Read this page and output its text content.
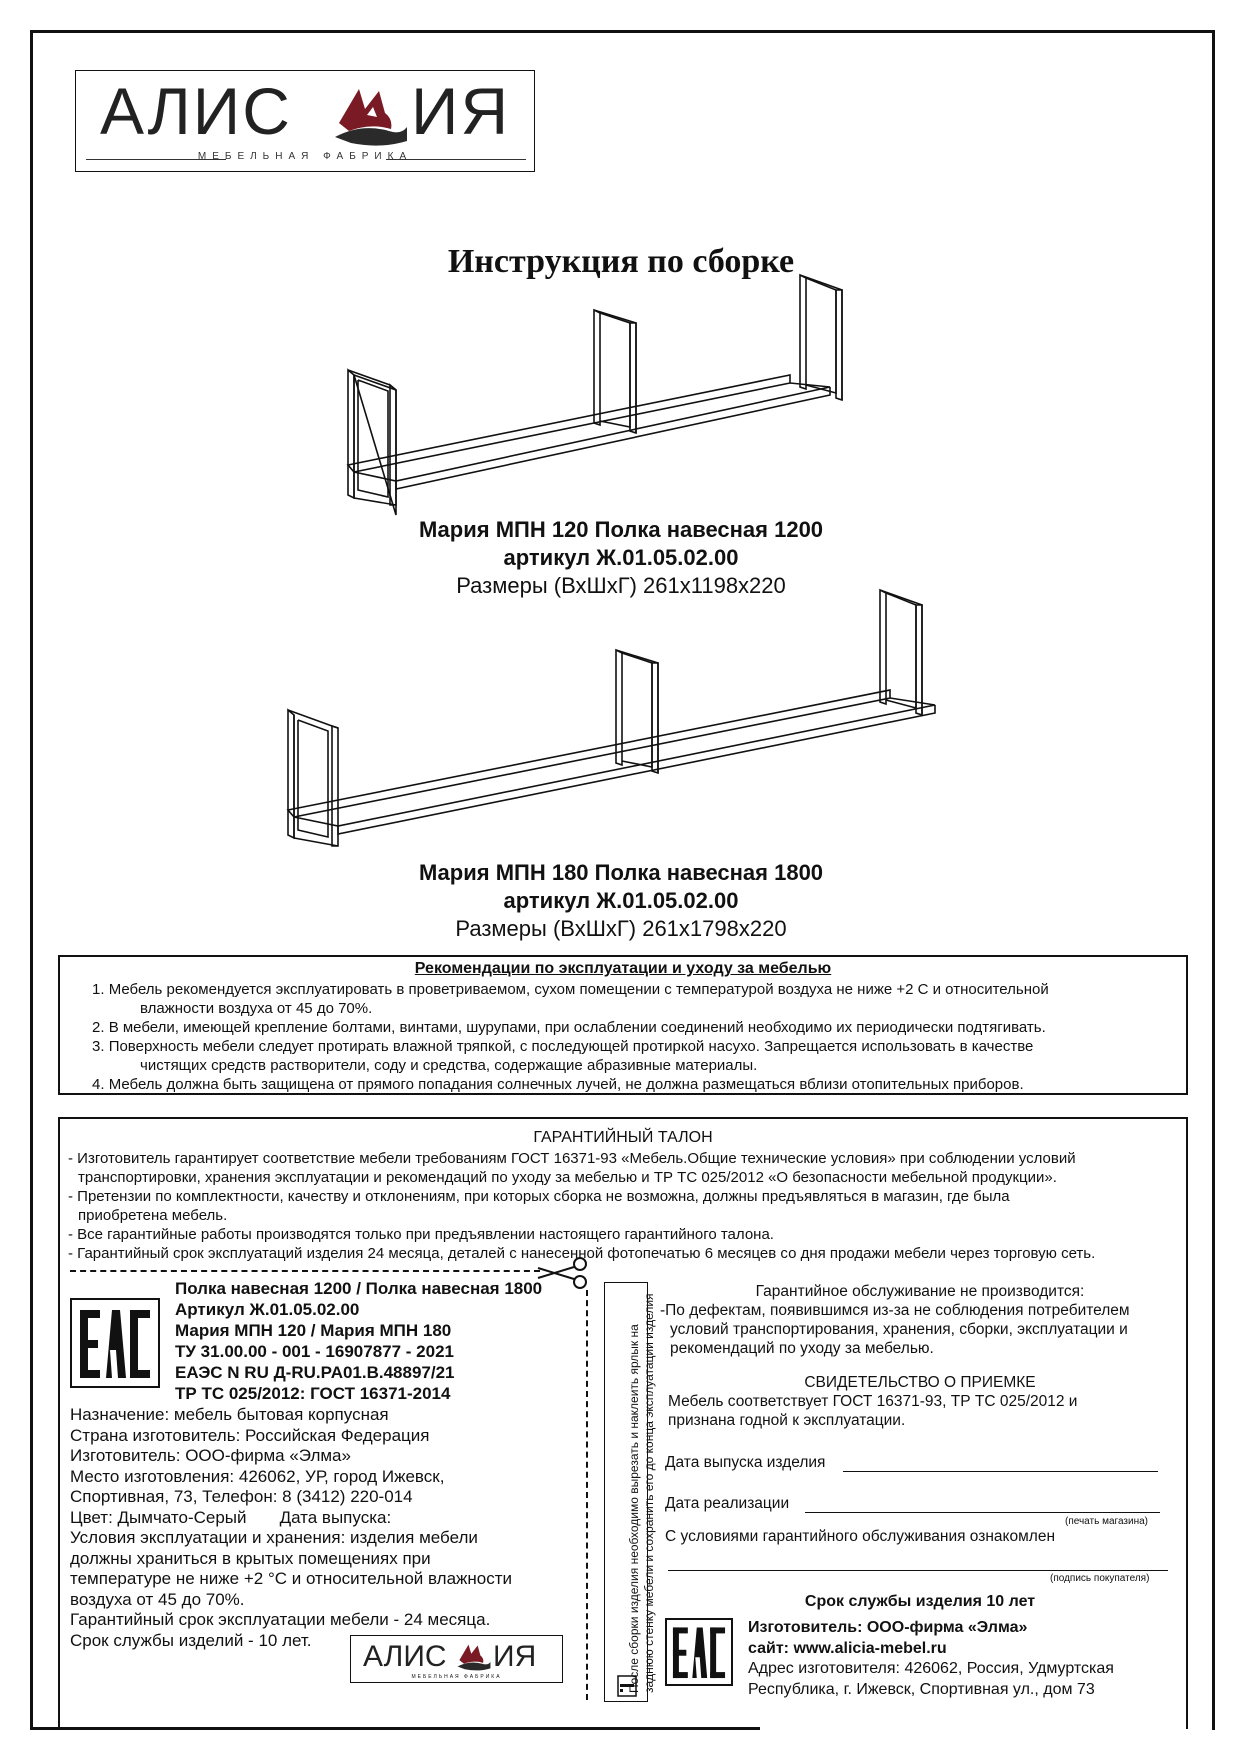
АЛИС ИЯ
МЕБЕЛЬНАЯ ФАБРИКА
Инструкция по сборке
Мария МПН 120 Полка навесная 1200
артикул Ж.01.05.02.00
Размеры (ВхШхГ) 261х1198х220
Мария МПН 180 Полка навесная 1800
артикул Ж.01.05.02.00
Размеры (ВхШхГ) 261х1798х220
Рекомендации по эксплуатации и уходу за мебелью
1. Мебель рекомендуется эксплуатировать в проветриваемом, сухом помещении с температурой воздуха не ниже +2 С и относительной
влажности воздуха от 45 до 70%.
2. В мебели, имеющей крепление болтами, винтами, шурупами, при ослаблении соединений необходимо их периодически подтягивать.
3. Поверхность мебели следует протирать влажной тряпкой, с последующей протиркой насухо. Запрещается использовать в качестве
чистящих средств растворители, соду и средства, содержащие абразивные материалы.
4. Мебель должна быть защищена от прямого попадания солнечных лучей, не должна размещаться вблизи отопительных приборов.
ГАРАНТИЙНЫЙ ТАЛОН
- Изготовитель гарантирует соответствие мебели требованиям ГОСТ 16371-93 «Мебель.Общие технические условия» при соблюдении условий
транспортировки, хранения эксплуатации и рекомендаций по уходу за мебелью и ТР ТС 025/2012 «О безопасности мебельной продукции».
- Претензии по комплектности, качеству и отклонениям, при которых сборка не возможна, должны предъявляться в магазин, где была
приобретена мебель.
- Все гарантийные работы производятся только при предъявлении настоящего гарантийного талона.
- Гарантийный срок эксплуатаций изделия 24 месяца, деталей с нанесенной фотопечатью 6 месяцев со дня продажи мебели через торговую сеть.
EAC
Полка навесная 1200 / Полка навесная 1800
Артикул Ж.01.05.02.00
Мария МПН 120 / Мария МПН 180
ТУ 31.00.00 - 001 - 16907877 - 2021
ЕАЭС N RU Д-RU.PA01.B.48897/21
ТР ТС 025/2012: ГОСТ 16371-2014
Назначение: мебель бытовая корпусная
Страна изготовитель: Российская Федерация
Изготовитель: ООО-фирма «Элма»
Место изготовления: 426062, УР, город Ижевск,
Спортивная, 73, Телефон: 8 (3412) 220-014
Цвет: Дымчато-Серый       Дата выпуска:
Условия эксплуатации и хранения: изделия мебели
должны храниться в крытых помещениях при
температуре не ниже +2 °С и относительной влажности
воздуха от 45 до 70%.
Гарантийный срок эксплуатации мебели - 24 месяца.
Срок службы изделий - 10 лет.	АЛИС ИЯ
МЕБЕЛЬНАЯ ФАБРИКА	После сборки изделия необходимо вырезать и наклеить ярлык на заднюю стенку мебели и сохранить его до конца эксплуатации изделия
Гарантийное обслуживание не производится:
-По дефектам, появившимся из-за не соблюдения потребителем
условий транспортирования, хранения, сборки, эксплуатации и
рекомендаций по уходу за мебелью.
СВИДЕТЕЛЬСТВО О ПРИЕМКЕ
Мебель соответствует ГОСТ 16371-93, ТР ТС 025/2012 и
признана годной к эксплуатации.
Дата выпуска изделия
Дата реализации
(печать магазина)
С условиями гарантийного обслуживания ознакомлен
(подпись покупателя)
Срок службы изделия 10 лет
Изготовитель: ООО-фирма «Элма»
сайт: www.alicia-mebel.ru
Адрес изготовителя: 426062, Россия, Удмуртская
Республика, г. Ижевск, Спортивная ул., дом 73
